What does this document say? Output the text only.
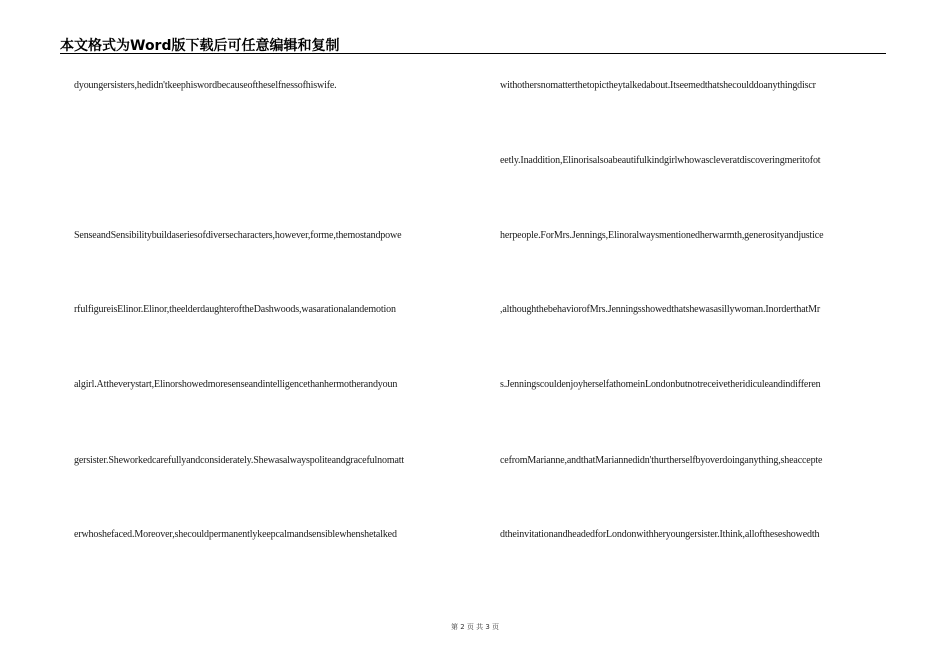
本文格式为Word版下载后可任意编辑和复制
dyoungersisters,hedidn'tkeephiswordbecauseoftheselfnessofhiswife.
SenseandSensibilitybuildaseriesofdiversecharacters,however,forme,themostandpowe
rfulfigureisElinor.Elinor,theelderdaughteroftheDashwoods,wasarationalandemotion
algirl.Attheverystart,Elinorshowedmoresenseandintelligencethanhermotherandyoun
gersister.Sheworkedcarefullyandconsiderately.Shewasalwayspoliteandgracefulnomatt
erwhoshefaced.Moreover,shecouldpermanentlykeepcalmandsensiblewhenshetalked
withothersnomatterthetopictheytalkedabout.Itseemedthatshecoulddoanythingdiscr
eetly.Inaddition,Elinorisalsoabeautifulkindgirlwhowascleveratdiscoveringmeritofot
herpeople.ForMrs.Jennings,Elinoralwaysmentionedherwarmth,generosityandjustice
,althoughthebehaviorofMrs.Jenningsshowedthatshewasasillywoman.InorderthatMr
s.JenningscouldenjoyherselfathomeinLondonbutnotreceivetheridiculeandindifferen
cefromMarianne,andthatMariannedidn'thurtherselfbyoverdoinganything,sheaccepte
dtheinvitationandheadedforLondonwithheryoungersister.Ithink,alloftheseshowedth
第 2 页 共 3 页
